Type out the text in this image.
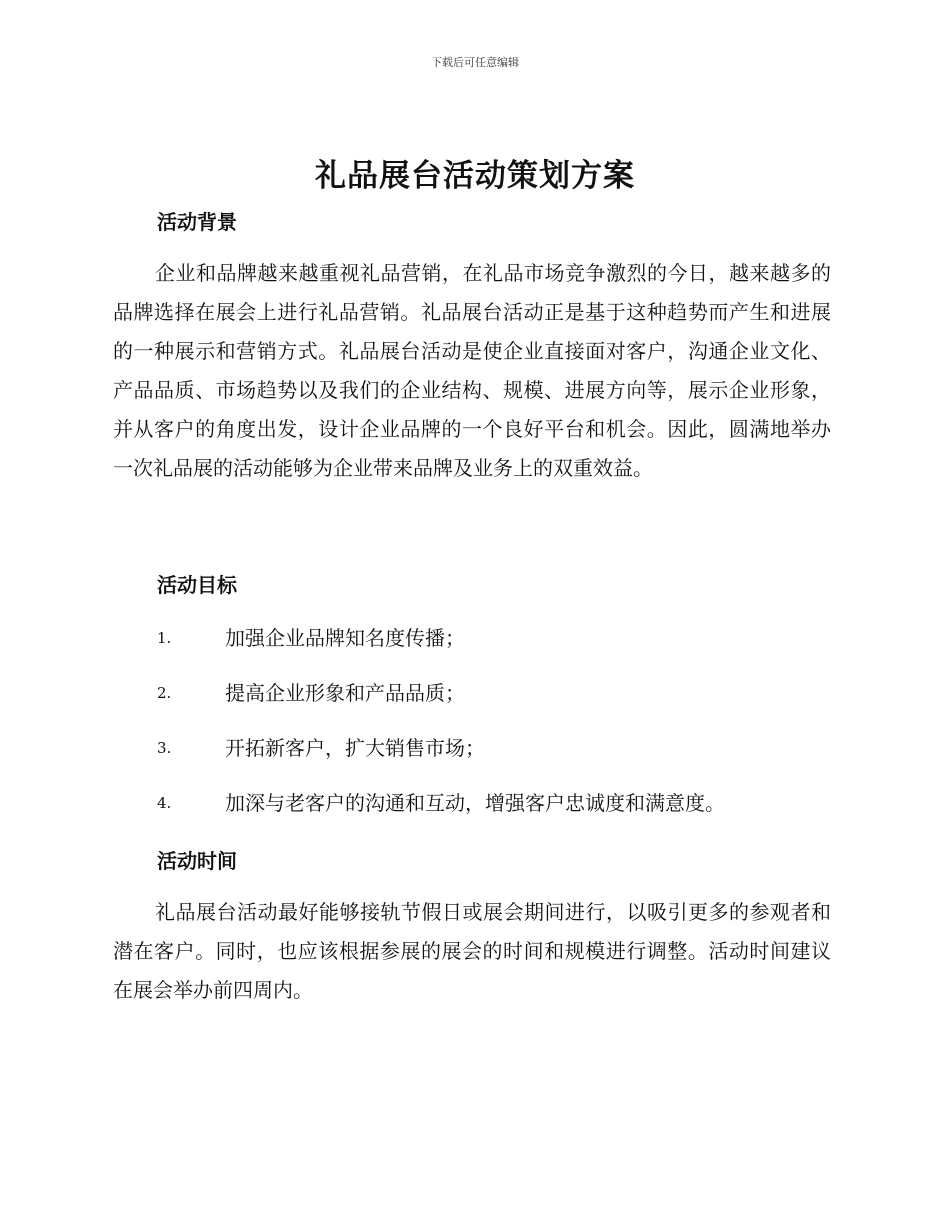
下载后可任意编辑
礼品展台活动策划方案
活动背景

企业和品牌越来越重视礼品营销，在礼品市场竞争激烈的今日，越来越多的品牌选择在展会上进行礼品营销。礼品展台活动正是基于这种趋势而产生和进展的一种展示和营销方式。礼品展台活动是使企业直接面对客户，沟通企业文化、产品品质、市场趋势以及我们的企业结构、规模、进展方向等，展示企业形象，并从客户的角度出发，设计企业品牌的一个良好平台和机会。因此，圆满地举办一次礼品展的活动能够为企业带来品牌及业务上的双重效益。

活动目标
1.	加强企业品牌知名度传播；
2.	提高企业形象和产品品质；
3.	开拓新客户，扩大销售市场；
4.	加深与老客户的沟通和互动，增强客户忠诚度和满意度。
活动时间

礼品展台活动最好能够接轨节假日或展会期间进行，以吸引更多的参观者和潜在客户。同时，也应该根据参展的展会的时间和规模进行调整。活动时间建议在展会举办前四周内。
